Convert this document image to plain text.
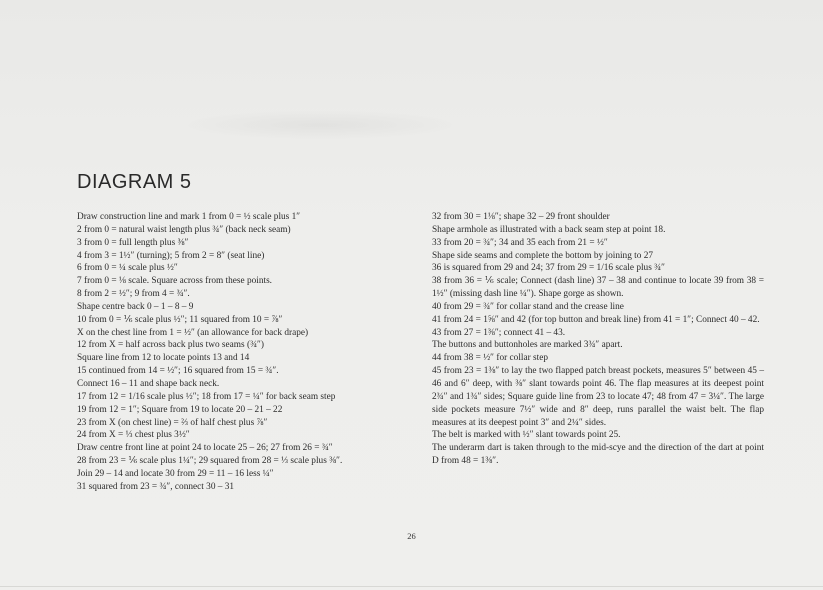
DIAGRAM 5
Draw construction line and mark 1 from 0 = ½ scale plus 1″
2 from 0 = natural waist length plus ¾″ (back neck seam)
3 from 0 = full length plus ⅜″
4 from 3 = 1½″ (turning); 5 from 2 = 8″ (seat line)
6 from 0 = ¼ scale plus ½″
7 from 0 = ⅛ scale. Square across from these points.
8 from 2 = ½″; 9 from 4 = ¾″.
Shape centre back 0 – 1 – 8 – 9
10 from 0 = ⅙ scale plus ½″; 11 squared from 10 = ⅞″
X on the chest line from 1 = ½″ (an allowance for back drape)
12 from X = half across back plus two seams (¾″)
Square line from 12 to locate points 13 and 14
15 continued from 14 = ½″; 16 squared from 15 = ¾″.
Connect 16 – 11 and shape back neck.
17 from 12 = 1/16 scale plus ½″; 18 from 17 = ¼″ for back seam step
19 from 12 = 1″; Square from 19 to locate 20 – 21 – 22
23 from X (on chest line) = ⅔ of half chest plus ⅞″
24 from X = ⅓ chest plus 3½″
Draw centre front line at point 24 to locate 25 – 26; 27 from 26 = ¾″
28 from 23 = ⅙ scale plus 1¼″; 29 squared from 28 = ⅓ scale plus ⅜″.
Join 29 – 14 and locate 30 from 29 = 11 – 16 less ¼″
31 squared from 23 = ¾″, connect 30 – 31
32 from 30 = 1⅛″; shape 32 – 29 front shoulder
Shape armhole as illustrated with a back seam step at point 18.
33 from 20 = ¾″; 34 and 35 each from 21 = ½″
Shape side seams and complete the bottom by joining to 27
36 is squared from 29 and 24; 37 from 29 = 1/16 scale plus ¾″
38 from 36 = ⅙ scale; Connect (dash line) 37 – 38 and continue to locate 39 from 38 = 1½″ (missing dash line ¼″). Shape gorge as shown.
40 from 29 = ¾″ for collar stand and the crease line
41 from 24 = 1⅝″ and 42 (for top button and break line) from 41 = 1″; Connect 40 – 42.
43 from 27 = 1⅜″; connect 41 – 43.
The buttons and buttonholes are marked 3¾″ apart.
44 from 38 = ½″ for collar step
45 from 23 = 1⅜″ to lay the two flapped patch breast pockets, measures 5″ between 45 – 46 and 6″ deep, with ⅜″ slant towards point 46. The flap measures at its deepest point 2¾″ and 1¾″ sides; Square guide line from 23 to locate 47; 48 from 47 = 3¼″. The large side pockets measure 7½″ wide and 8″ deep, runs parallel the waist belt. The flap measures at its deepest point 3″ and 2¼″ sides.
The belt is marked with ½″ slant towards point 25.
The underarm dart is taken through to the mid-scye and the direction of the dart at point D from 48 = 1⅜″.
26
